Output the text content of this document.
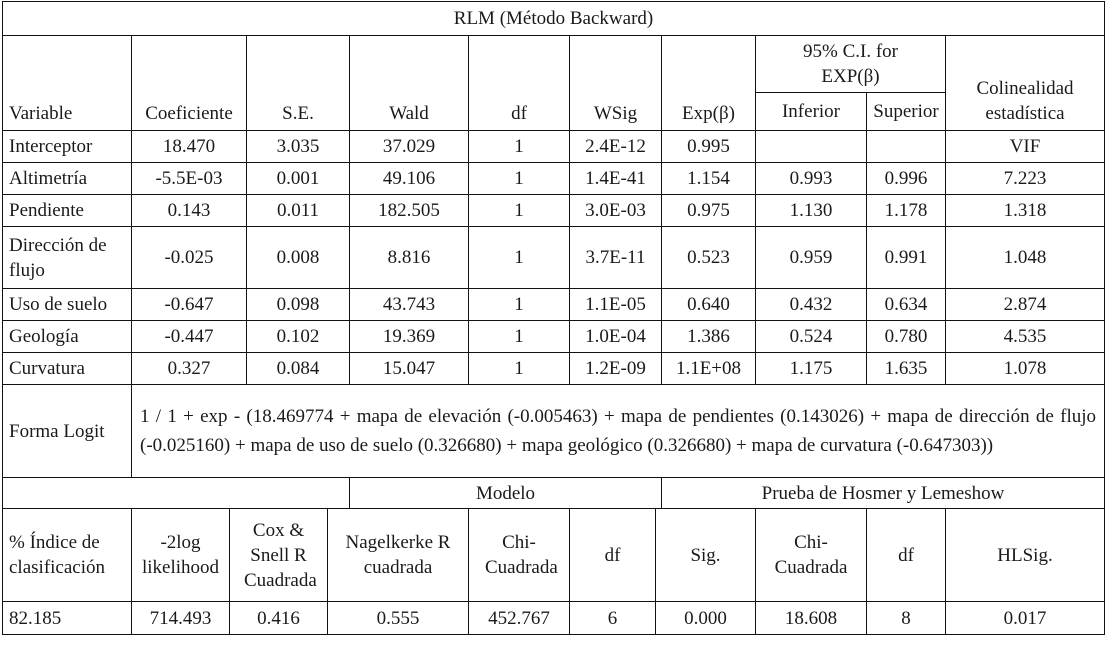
RLM (Método Backward)												
Variable	Coeficiente		S.E.		Wald	df	WSig		Exp(β)	95% C.I. for EXP(β)		Colinealidad estadística
										Inferior	Superior	
Interceptor	18.470		3.035		37.029	1	2.4E-12		0.995			VIF
Altimetría	-5.5E-03		0.001		49.106	1	1.4E-41		1.154	0.993	0.996	7.223
Pendiente	0.143		0.011		182.505	1	3.0E-03		0.975	1.130	1.178	1.318
Dirección de flujo	-0.025		0.008		8.816	1	3.7E-11		0.523	0.959	0.991	1.048
Uso de suelo	-0.647		0.098		43.743	1	1.1E-05		0.640	0.432	0.634	2.874
Geología	-0.447		0.102		19.369	1	1.0E-04		1.386	0.524	0.780	4.535
Curvatura	0.327		0.084		15.047	1	1.2E-09		1.1E+08	1.175	1.635	1.078
Forma Logit	1 / 1 + exp - (18.469774 + mapa de elevación (-0.005463) + mapa de pendientes (0.143026) + mapa de dirección de flujo (-0.025160) + mapa de uso de suelo (0.326680) + mapa geológico (0.326680) + mapa de curvatura (-0.647303))											
					Modelo				Prueba de Hosmer y Lemeshow			
% Índice de clasificación	-2log likelihood	Cox & Snell R Cuadrada		Nagelkerke R cuadrada		Chi-Cuadrada	df	Sig.		Chi-Cuadrada	df	HLSig.
82.185	714.493	0.416		0.555		452.767	6	0.000		18.608	8	0.017
